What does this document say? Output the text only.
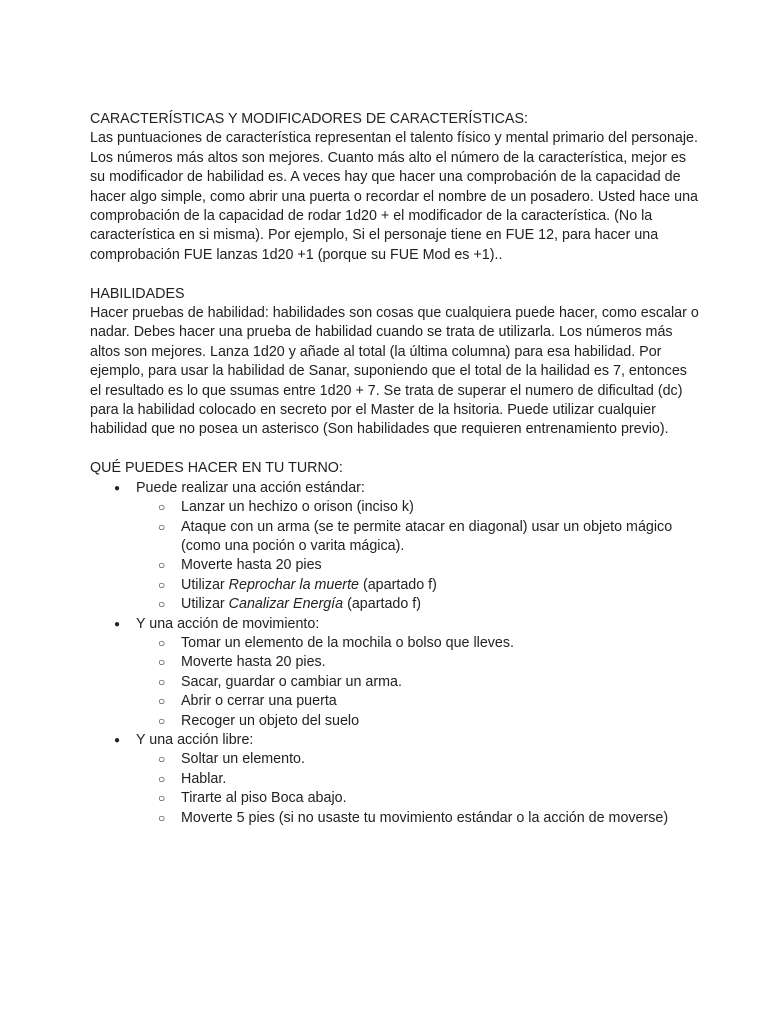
CARACTERÍSTICAS Y MODIFICADORES DE CARACTERÍSTICAS:
Las puntuaciones de característica representan el talento físico y mental primario del personaje. Los números más altos son mejores. Cuanto más alto el número de la característica, mejor es su modificador de habilidad es. A veces hay que hacer una comprobación de la capacidad de hacer algo simple, como abrir una puerta o recordar el nombre de un posadero. Usted hace una comprobación de la capacidad de rodar 1d20 + el modificador de la característica. (No la característica en si misma). Por ejemplo, Si el personaje tiene en FUE 12, para hacer una comprobación FUE lanzas 1d20 +1 (porque su FUE Mod es +1)..

HABILIDADES
Hacer pruebas de habilidad: habilidades son cosas que cualquiera puede hacer, como escalar o nadar. Debes hacer una prueba de habilidad cuando se trata de utilizarla. Los números más altos son mejores. Lanza 1d20 y añade al total (la última columna) para esa habilidad. Por ejemplo, para usar la habilidad de Sanar, suponiendo que el total de la hailidad es 7, entonces el resultado es lo que ssumas entre 1d20 + 7. Se trata de superar el numero de dificultad (dc) para la habilidad colocado en secreto por el Master de la hsitoria. Puede utilizar cualquier habilidad que no posea un asterisco (Son habilidades que requieren entrenamiento previo).

QUÉ PUEDES HACER EN TU TURNO:
● Puede realizar una acción estándar:
○ Lanzar un hechizo o orison (inciso k)
○ Ataque con un arma (se te permite atacar en diagonal) usar un objeto mágico (como una poción o varita mágica).
○ Moverte hasta 20 pies
○ Utilizar Reprochar la muerte (apartado f)
○ Utilizar Canalizar Energía (apartado f)
● Y una acción de movimiento:
○ Tomar un elemento de la mochila o bolso que lleves.
○ Moverte hasta 20 pies.
○ Sacar, guardar o cambiar un arma.
○ Abrir o cerrar una puerta
○ Recoger un objeto del suelo
● Y una acción libre:
○ Soltar un elemento.
○ Hablar.
○ Tirarte al piso Boca abajo.
○ Moverte 5 pies (si no usaste tu movimiento estándar o la acción de moverse)
